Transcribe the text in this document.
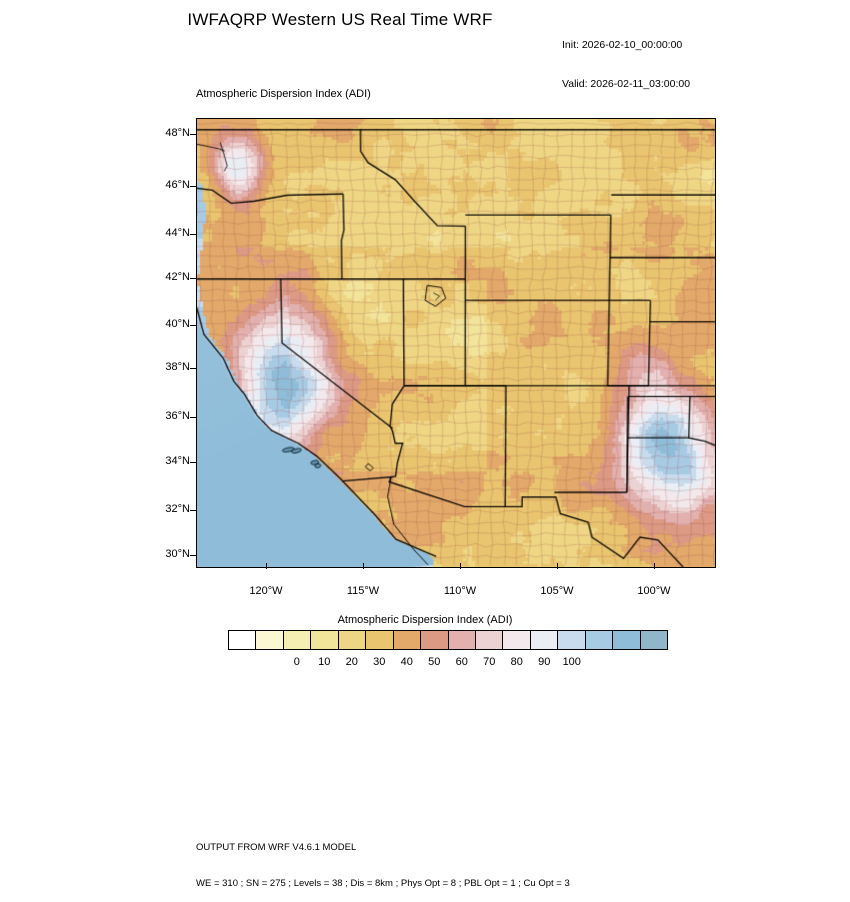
IWFAQRP Western US Real Time WRF

Init: 2026-02-10_00:00:00

Valid: 2026-02-11_03:00:00

Atmospheric Dispersion Index (ADI)
48°N
46°N
44°N
42°N
40°N
38°N
36°N
34°N
32°N
30°N
120°W	115°W	110°W	105°W	100°W
Atmospheric Dispersion Index (ADI)
0	10	20	30	40	50	60	70	80	90	100

OUTPUT FROM WRF V4.6.1 MODEL

WE = 310 ; SN = 275 ; Levels = 38 ; Dis = 8km ; Phys Opt = 8 ; PBL Opt = 1 ; Cu Opt = 3
